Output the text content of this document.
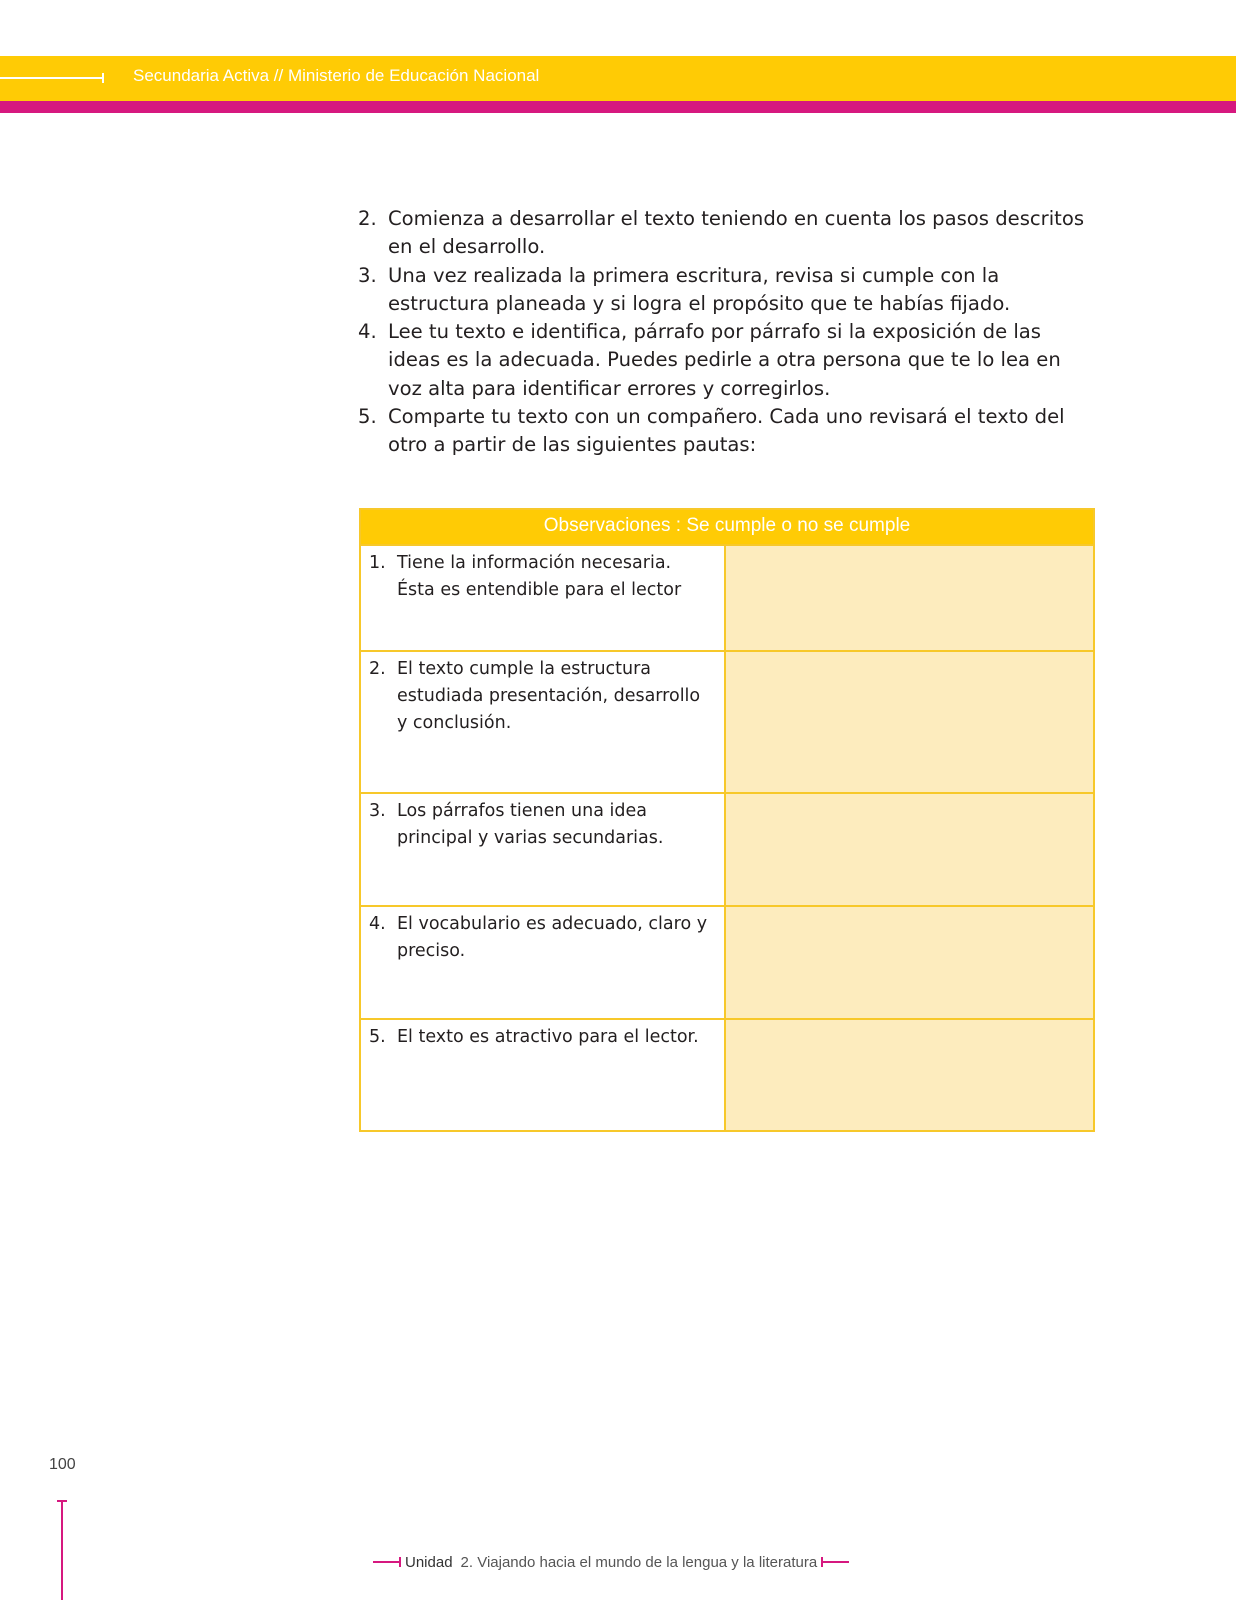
Secundaria Activa // Ministerio de Educación Nacional
2. Comienza a desarrollar el texto teniendo en cuenta los pasos descritos en el desarrollo.
3. Una vez realizada la primera escritura, revisa si cumple con la estructura planeada y si logra el propósito que te habías fijado.
4. Lee tu texto e identifica, párrafo por párrafo si la exposición de las ideas es la adecuada. Puedes pedirle a otra persona que te lo lea en voz alta para identificar errores y corregirlos.
5. Comparte tu texto con un compañero. Cada uno revisará el texto del otro a partir de las siguientes pautas:
Observaciones : Se cumple o no se cumple
1. Tiene la información necesaria. Ésta es entendible para el lector
2. El texto cumple la estructura estudiada presentación, desarrollo y conclusión.
3. Los párrafos tienen una idea principal y varias secundarias.
4. El vocabulario es adecuado, claro y preciso.
5. El texto es atractivo para el lector.
100
Unidad 2. Viajando hacia el mundo de la lengua y la literatura
